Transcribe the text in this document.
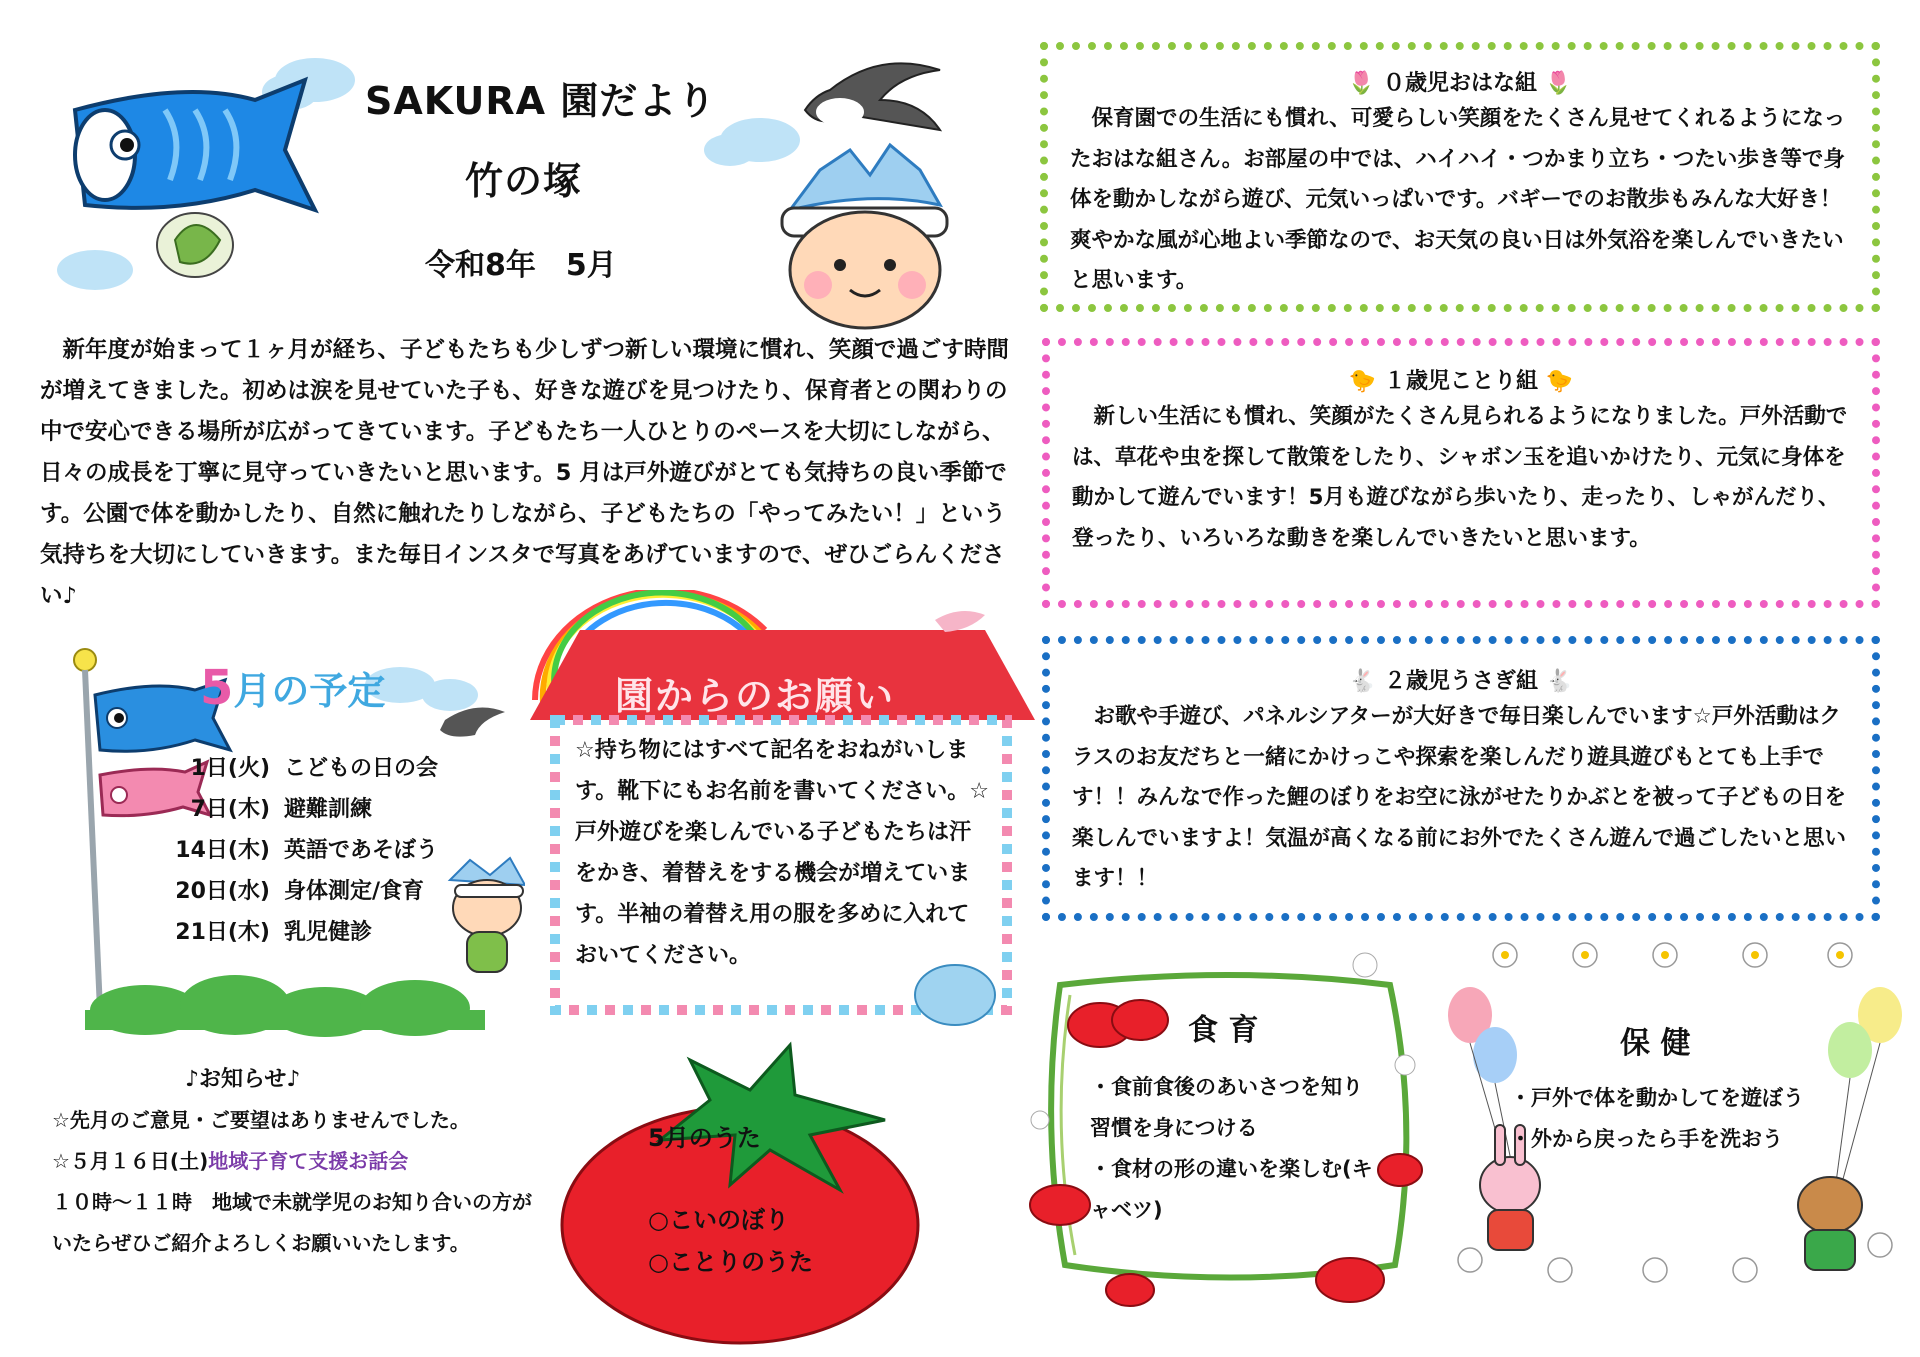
SAKURA 園だより
竹の塚
令和8年　5月
　新年度が始まって１ヶ月が経ち、子どもたちも少しずつ新しい環境に慣れ、笑顔で過ごす時間が増えてきました。初めは涙を見せていた子も、好きな遊びを見つけたり、保育者との関わりの中で安心できる場所が広がってきています。子どもたち一人ひとりのペースを大切にしながら、日々の成長を丁寧に見守っていきたいと思います。5 月は戸外遊びがとても気持ちの良い季節です。公園で体を動かしたり、自然に触れたりしながら、子どもたちの「やってみたい！」という気持ちを大切にしていきます。また毎日インスタで写真をあげていますので、ぜひごらんください♪
🌷 ０歳児おはな組 🌷
　保育園での生活にも慣れ、可愛らしい笑顔をたくさん見せてくれるようになったおはな組さん。お部屋の中では、ハイハイ・つかまり立ち・つたい歩き等で身体を動かしながら遊び、元気いっぱいです。バギーでのお散歩もみんな大好き！爽やかな風が心地よい季節なので、お天気の良い日は外気浴を楽しんでいきたいと思います。
🐤 １歳児ことり組 🐤
　新しい生活にも慣れ、笑顔がたくさん見られるようになりました。戸外活動では、草花や虫を探して散策をしたり、シャボン玉を追いかけたり、元気に身体を動かして遊んでいます！5月も遊びながら歩いたり、走ったり、しゃがんだり、登ったり、いろいろな動きを楽しんでいきたいと思います。
🐇 ２歳児うさぎ組 🐇
　お歌や手遊び、パネルシアターが大好きで毎日楽しんでいます☆戸外活動はクラスのお友だちと一緒にかけっこや探索を楽しんだり遊具遊びもとても上手です！！みんなで作った鯉のぼりをお空に泳がせたりかぶとを被って子どもの日を楽しんでいますよ！気温が高くなる前にお外でたくさん遊んで過ごしたいと思います！！
5月の予定
1日(火) こどもの日の会
7日(木) 避難訓練
14日(木) 英語であそぼう
20日(水) 身体測定/食育
21日(木) 乳児健診
園からのお願い
☆持ち物にはすべて記名をおねがいします。靴下にもお名前を書いてください。☆戸外遊びを楽しんでいる子どもたちは汗をかき、着替えをする機会が増えています。半袖の着替え用の服を多めに入れておいてください。
♪お知らせ♪
☆先月のご意見・ご要望はありませんでした。
☆５月１６日(土)地域子育て支援お話会
１０時～１１時　地域で未就学児のお知り合いの方がいたらぜひご紹介よろしくお願いいたします。
5月のうた
○こいのぼり
○ことりのうた
食 育
・食前食後のあいさつを知り習慣を身につける
・食材の形の違いを楽しむ(キャベツ)
保 健
・戸外で体を動かしてを遊ぼう
・外から戻ったら手を洗おう
